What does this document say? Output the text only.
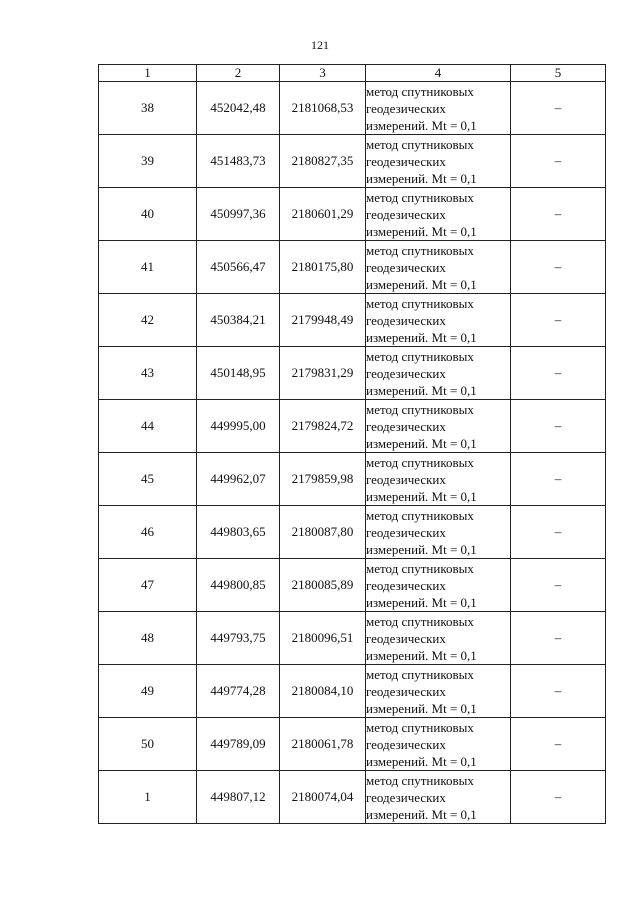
121
1	2	3	4	5
38	452042,48	2181068,53	метод спутниковых
геодезических
измерений. Mt = 0,1	–
39	451483,73	2180827,35	метод спутниковых
геодезических
измерений. Mt = 0,1	–
40	450997,36	2180601,29	метод спутниковых
геодезических
измерений. Mt = 0,1	–
41	450566,47	2180175,80	метод спутниковых
геодезических
измерений. Mt = 0,1	–
42	450384,21	2179948,49	метод спутниковых
геодезических
измерений. Mt = 0,1	–
43	450148,95	2179831,29	метод спутниковых
геодезических
измерений. Mt = 0,1	–
44	449995,00	2179824,72	метод спутниковых
геодезических
измерений. Mt = 0,1	–
45	449962,07	2179859,98	метод спутниковых
геодезических
измерений. Mt = 0,1	–
46	449803,65	2180087,80	метод спутниковых
геодезических
измерений. Mt = 0,1	–
47	449800,85	2180085,89	метод спутниковых
геодезических
измерений. Mt = 0,1	–
48	449793,75	2180096,51	метод спутниковых
геодезических
измерений. Mt = 0,1	–
49	449774,28	2180084,10	метод спутниковых
геодезических
измерений. Mt = 0,1	–
50	449789,09	2180061,78	метод спутниковых
геодезических
измерений. Mt = 0,1	–
1	449807,12	2180074,04	метод спутниковых
геодезических
измерений. Mt = 0,1	–
